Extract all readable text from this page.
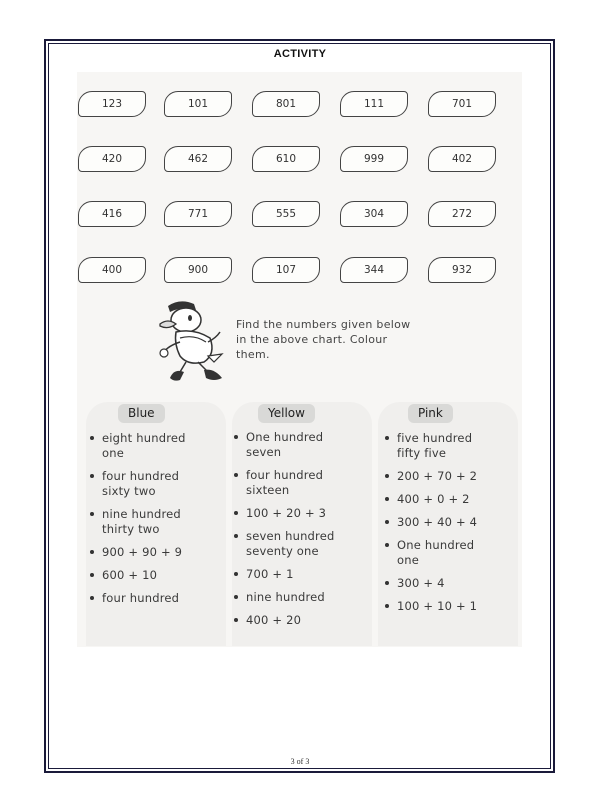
ACTIVITY
123	101	801	111	701
420	462	610	999	402
416	771	555	304	272
400	900	107	344	932
Find the numbers given below in the above chart. Colour them.
Blue	Yellow	Pink
eight hundred one
four hundred sixty two
nine hundred thirty two
900 + 90 + 9
600 + 10
four hundred
One hundred seven
four hundred sixteen
100 + 20 + 3
seven hundred seventy one
700 + 1
nine hundred
400 + 20
five hundred fifty five
200 + 70 + 2
400 + 0 + 2
300 + 40 + 4
One hundred one
300 + 4
100 + 10 + 1
3 of 3
